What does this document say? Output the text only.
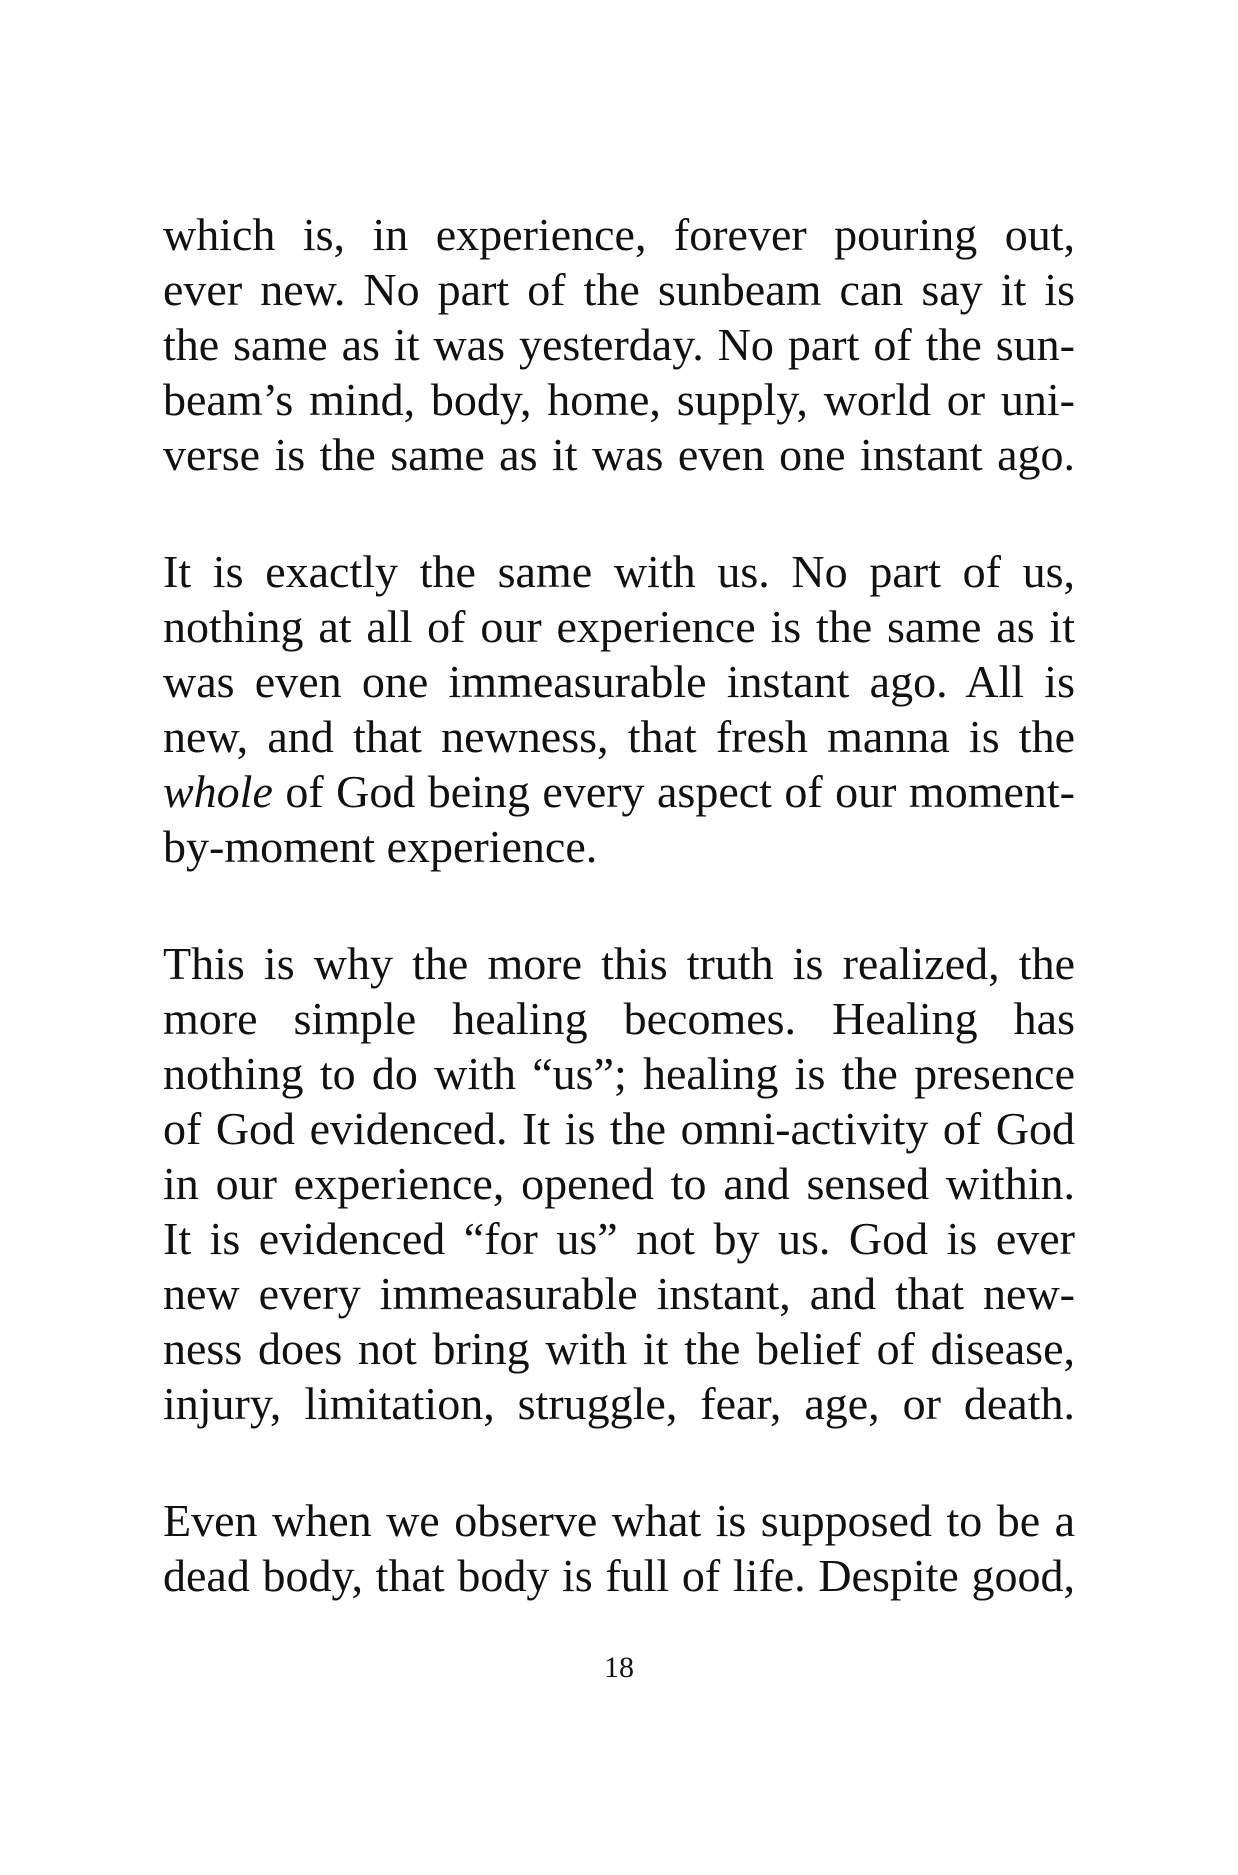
which is, in experience, forever pouring out,
ever new. No part of the sunbeam can say it is
the same as it was yesterday. No part of the sun-
beam’s mind, body, home, supply, world or uni-
verse is the same as it was even one instant ago.

It is exactly the same with us. No part of us,
nothing at all of our experience is the same as it
was even one immeasurable instant ago. All is
new, and that newness, that fresh manna is the
whole of God being every aspect of our moment-
by-moment experience.

This is why the more this truth is realized, the
more simple healing becomes. Healing has
nothing to do with “us”; healing is the presence
of God evidenced. It is the omni-activity of God
in our experience, opened to and sensed within.
It is evidenced “for us” not by us. God is ever
new every immeasurable instant, and that new-
ness does not bring with it the belief of disease,
injury, limitation, struggle, fear, age, or death.

Even when we observe what is supposed to be a
dead body, that body is full of life. Despite good,

18
